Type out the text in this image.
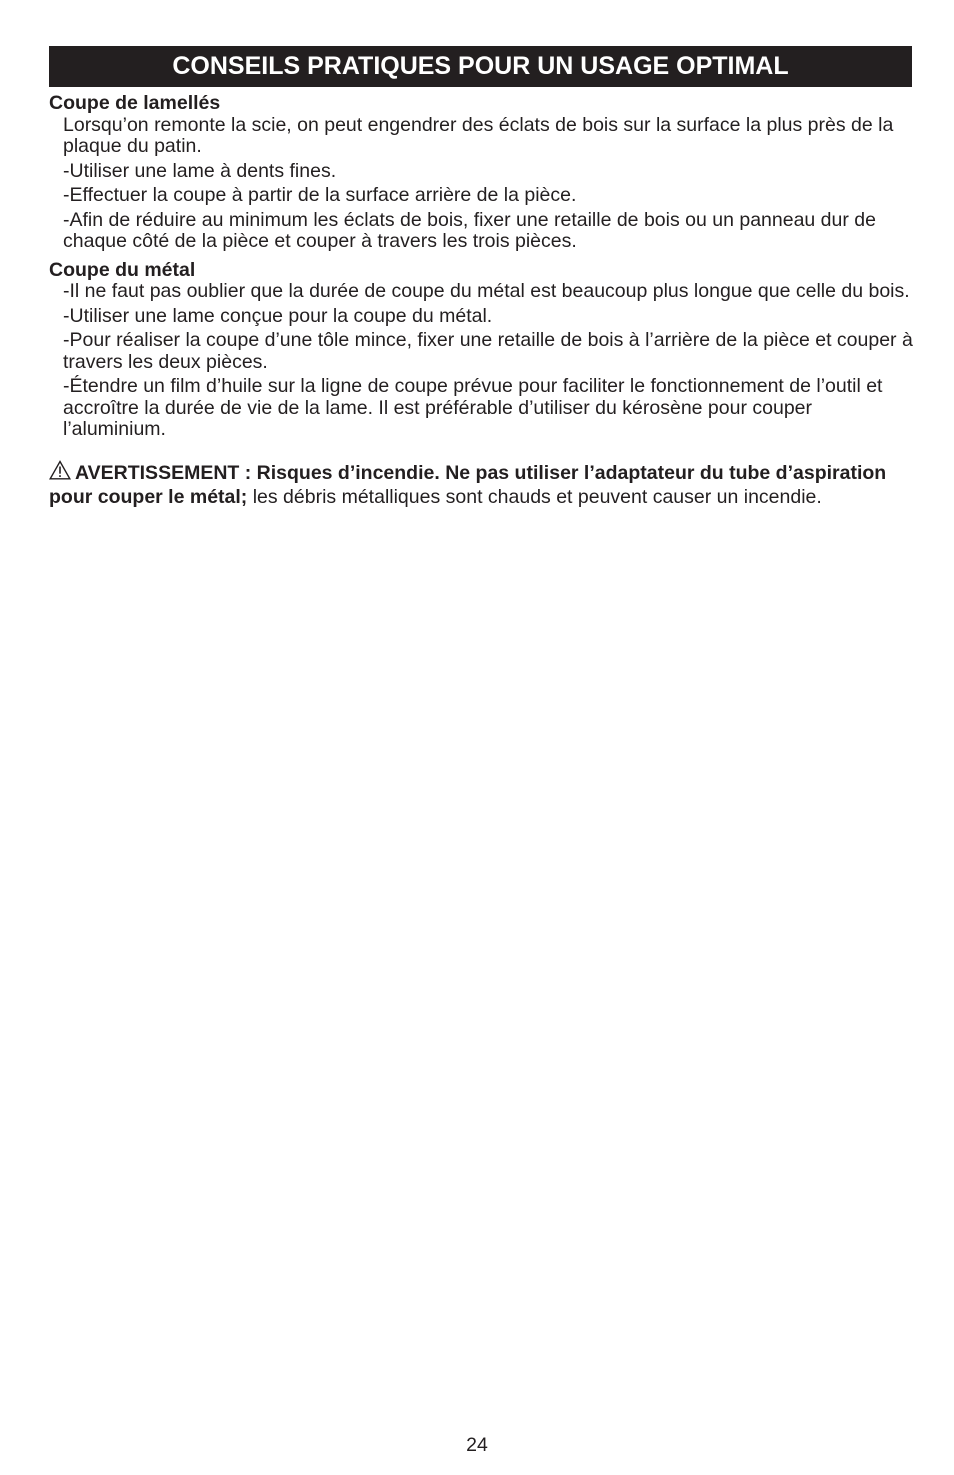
CONSEILS PRATIQUES POUR UN USAGE OPTIMAL
Coupe de lamellés
Lorsqu’on remonte la scie, on peut engendrer des éclats de bois sur la surface la plus près de la plaque du patin.
-Utiliser une lame à dents fines.
-Effectuer la coupe à partir de la surface arrière de la pièce.
-Afin de réduire au minimum les éclats de bois, fixer une retaille de bois ou un panneau dur de chaque côté de la pièce et couper à travers les trois pièces.
Coupe du métal
-Il ne faut pas oublier que la durée de coupe du métal est beaucoup plus longue que celle du bois.
-Utiliser une lame conçue pour la coupe du métal.
-Pour réaliser la coupe d’une tôle mince, fixer une retaille de bois à l’arrière de la pièce et couper à travers les deux pièces.
-Étendre un film d’huile sur la ligne de coupe prévue pour faciliter le fonctionnement de l’outil et accroître la durée de vie de la lame. Il est préférable d’utiliser du kérosène pour couper l’aluminium.
AVERTISSEMENT : Risques d’incendie. Ne pas utiliser l’adaptateur du tube d’aspiration pour couper le métal; les débris métalliques sont chauds et peuvent causer un incendie.
24
